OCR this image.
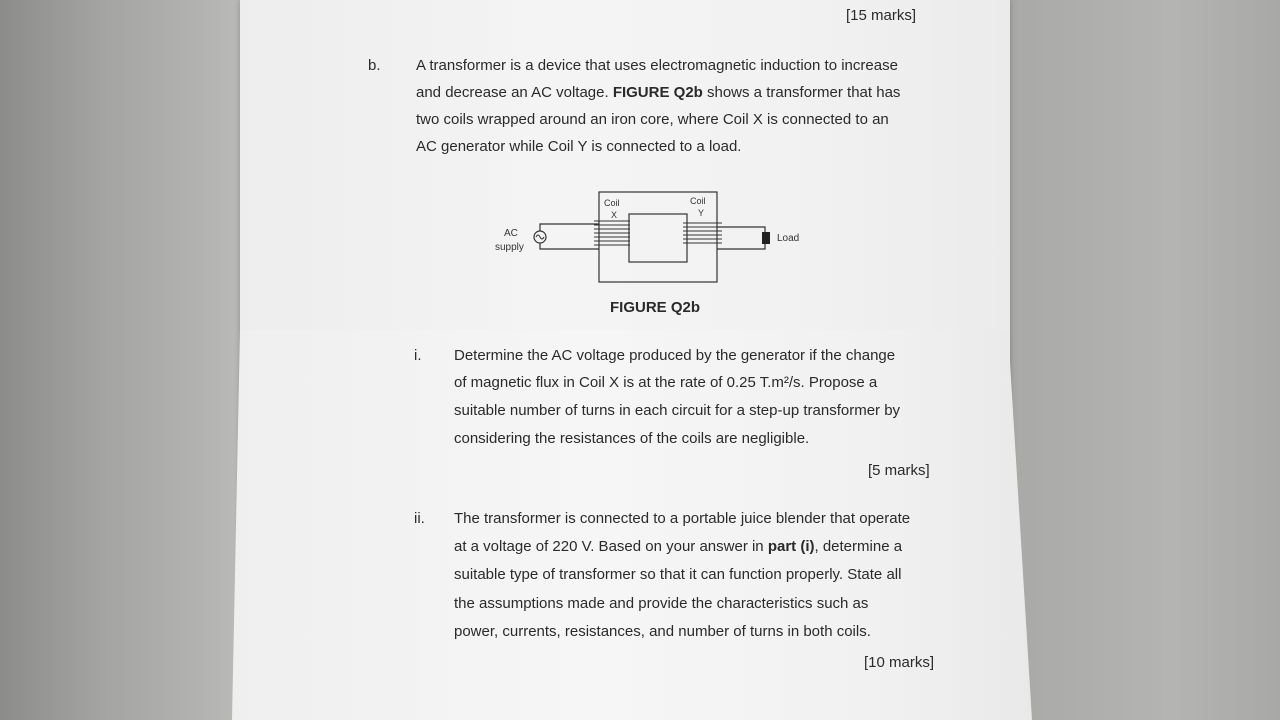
[15 marks]
b. A transformer is a device that uses electromagnetic induction to increase
and decrease an AC voltage. FIGURE Q2b shows a transformer that has
two coils wrapped around an iron core, where Coil X is connected to an
AC generator while Coil Y is connected to a load.
Coil
X
Coil
Y
AC
supply
Load
FIGURE Q2b
i. Determine the AC voltage produced by the generator if the change
of magnetic flux in Coil X is at the rate of 0.25 T.m²/s. Propose a
suitable number of turns in each circuit for a step-up transformer by
considering the resistances of the coils are negligible.
[5 marks]
ii. The transformer is connected to a portable juice blender that operate
at a voltage of 220 V. Based on your answer in part (i), determine a
suitable type of transformer so that it can function properly. State all
the assumptions made and provide the characteristics such as
power, currents, resistances, and number of turns in both coils.
[10 marks]
